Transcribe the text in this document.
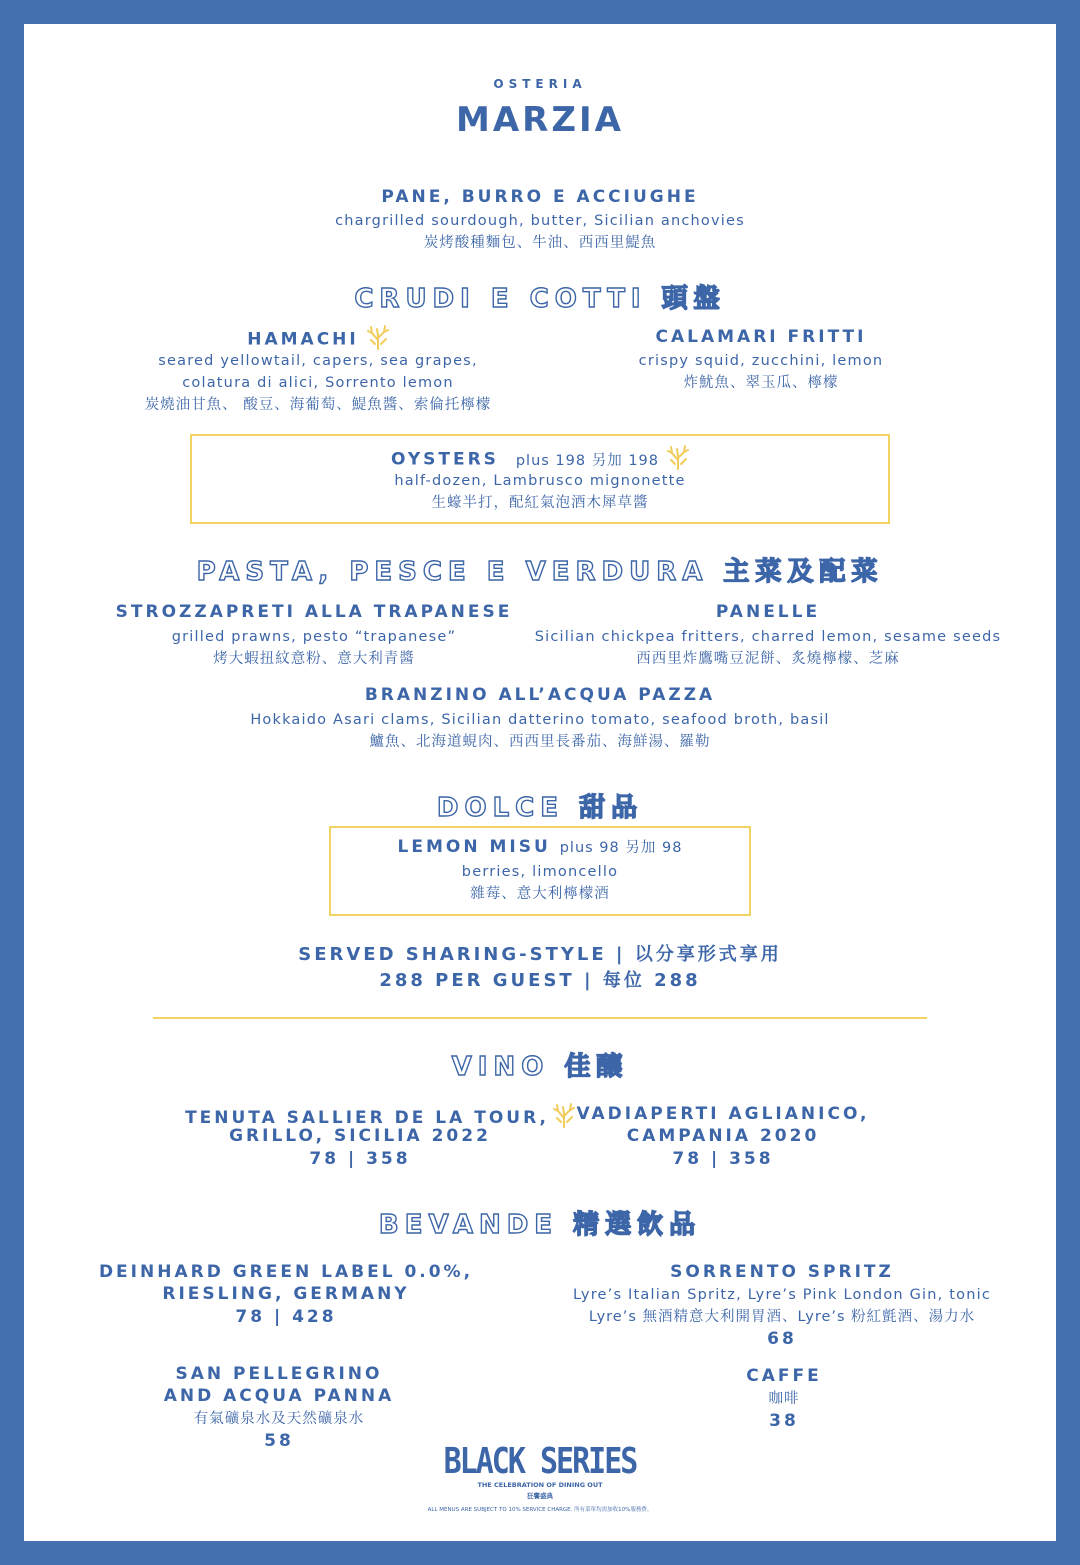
OSTERIA
MARZIA
PANE, BURRO E ACCIUGHE
chargrilled sourdough, butter, Sicilian anchovies
炭烤酸種麵包、牛油、西西里鯷魚
CRUDI E COTTI 頭盤
HAMACHI
seared yellowtail, capers, sea grapes,
colatura di alici, Sorrento lemon
炭燒油甘魚、 酸豆、海葡萄、鯷魚醬、索倫托檸檬
CALAMARI FRITTI
crispy squid, zucchini, lemon
炸魷魚、翠玉瓜、檸檬
OYSTERS plus 198 另加 198
half-dozen, Lambrusco mignonette
生蠔半打，配紅氣泡酒木犀草醬
PASTA, PESCE E VERDURA 主菜及配菜
STROZZAPRETI ALLA TRAPANESE
grilled prawns, pesto “trapanese”
烤大蝦扭紋意粉、意大利青醬
PANELLE
Sicilian chickpea fritters, charred lemon, sesame seeds
西西里炸鷹嘴豆泥餅、炙燒檸檬、芝麻
BRANZINO ALL’ACQUA PAZZA
Hokkaido Asari clams, Sicilian datterino tomato, seafood broth, basil
鱸魚、北海道蜆肉、西西里長番茄、海鮮湯、羅勒
DOLCE 甜品
LEMON MISU plus 98 另加 98
berries, limoncello
雜莓、意大利檸檬酒
SERVED SHARING-STYLE | 以分享形式享用
288 PER GUEST | 每位 288
VINO 佳釀
TENUTA SALLIER DE LA TOUR,
GRILLO, SICILIA 2022
78 | 358
VADIAPERTI AGLIANICO,
CAMPANIA 2020
78 | 358
BEVANDE 精選飲品
DEINHARD GREEN LABEL 0.0%,
RIESLING, GERMANY
78 | 428
SORRENTO SPRITZ
Lyre’s Italian Spritz, Lyre’s Pink London Gin, tonic
Lyre’s 無酒精意大利開胃酒、Lyre’s 粉紅氈酒、湯力水
68
SAN PELLEGRINO
AND ACQUA PANNA
有氣礦泉水及天然礦泉水
58
CAFFE
咖啡
38
BLACK SERIES
THE CELEBRATION OF DINING OUT
狂饗盛典
ALL MENUS ARE SUBJECT TO 10% SERVICE CHARGE. 所有菜單均需加收10%服務費。
